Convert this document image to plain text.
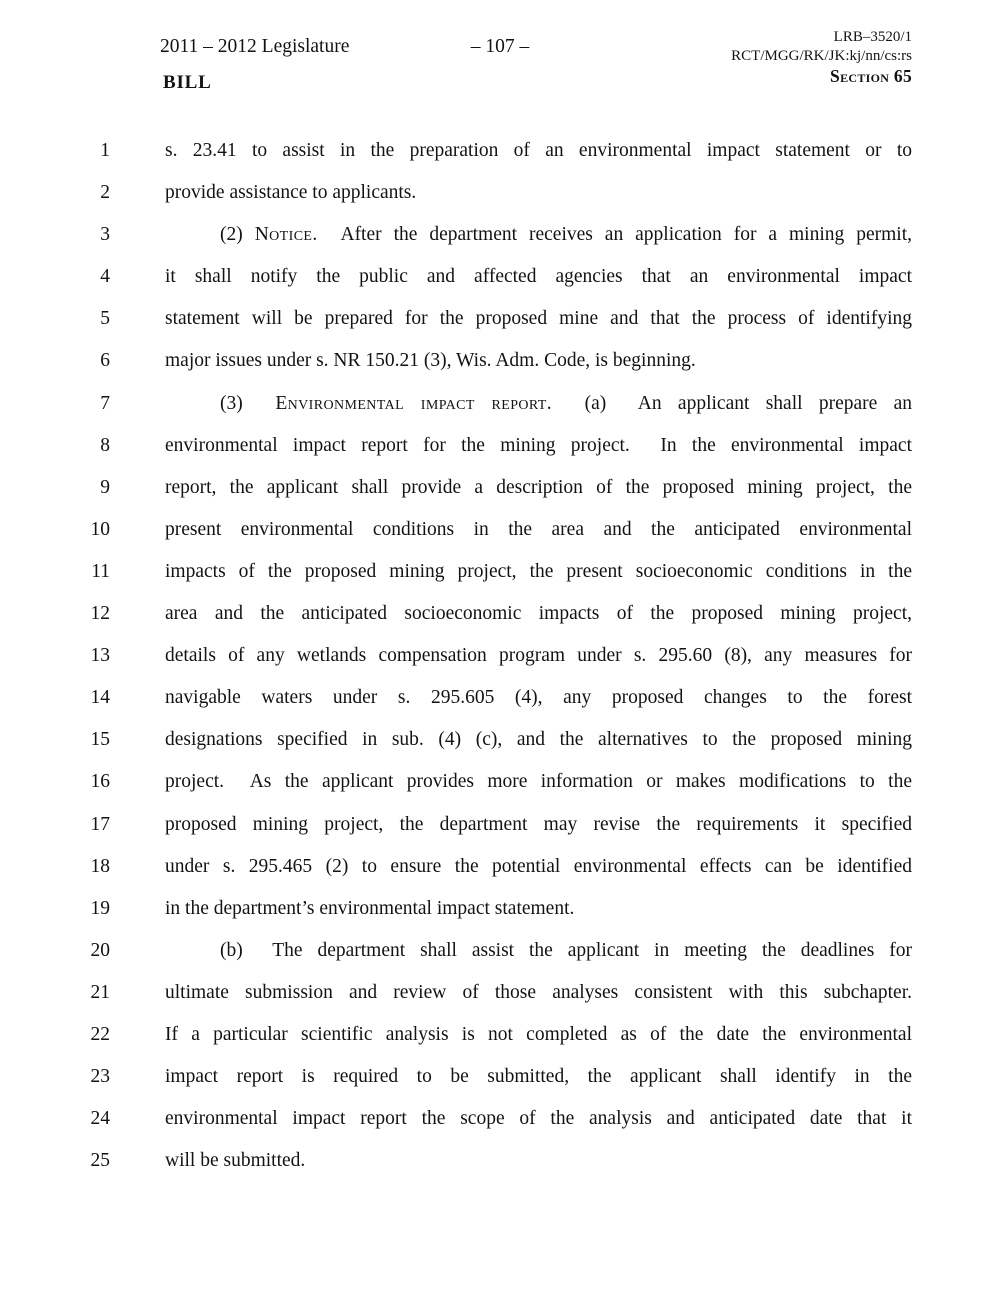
2011 – 2012 Legislature	– 107 –	LRB–3520/1
RCT/MGG/RK/JK:kj/nn/cs:rs
Section 65
BILL
1	s. 23.41 to assist in the preparation of an environmental impact statement or to
2	provide assistance to applicants.
3	(2) Notice.  After the department receives an application for a mining permit,
4	it shall notify the public and affected agencies that an environmental impact
5	statement will be prepared for the proposed mine and that the process of identifying
6	major issues under s. NR 150.21 (3), Wis. Adm. Code, is beginning.
7	(3)  Environmental impact report.  (a)  An applicant shall prepare an
8	environmental impact report for the mining project.  In the environmental impact
9	report, the applicant shall provide a description of the proposed mining project, the
10	present environmental conditions in the area and the anticipated environmental
11	impacts of the proposed mining project, the present socioeconomic conditions in the
12	area and the anticipated socioeconomic impacts of the proposed mining project,
13	details of any wetlands compensation program under s. 295.60 (8), any measures for
14	navigable waters under s. 295.605 (4), any proposed changes to the forest
15	designations specified in sub. (4) (c), and the alternatives to the proposed mining
16	project.  As the applicant provides more information or makes modifications to the
17	proposed mining project, the department may revise the requirements it specified
18	under s. 295.465 (2) to ensure the potential environmental effects can be identified
19	in the department’s environmental impact statement.
20	(b)  The department shall assist the applicant in meeting the deadlines for
21	ultimate submission and review of those analyses consistent with this subchapter.
22	If a particular scientific analysis is not completed as of the date the environmental
23	impact report is required to be submitted, the applicant shall identify in the
24	environmental impact report the scope of the analysis and anticipated date that it
25	will be submitted.
